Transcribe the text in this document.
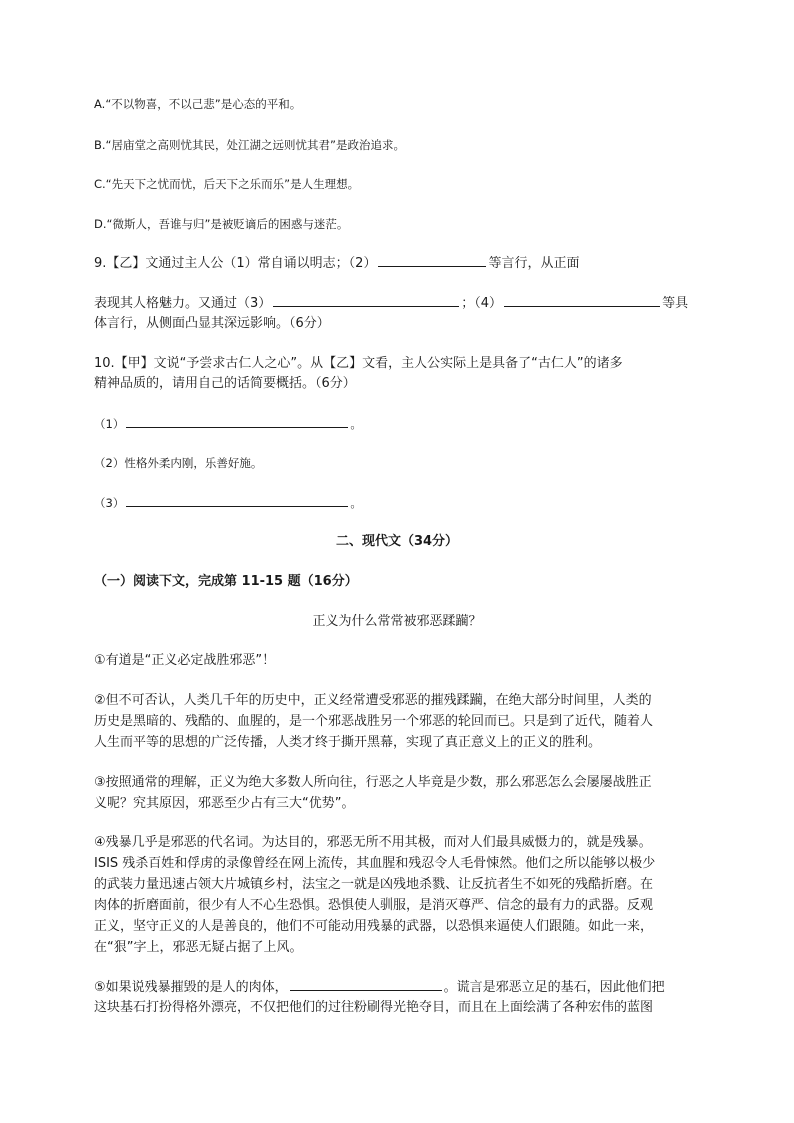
A.“不以物喜，不以己悲”是心态的平和。
B.“居庙堂之高则忧其民，处江湖之远则忧其君”是政治追求。
C.“先天下之忧而忧，后天下之乐而乐”是人生理想。
D.“微斯人，吾谁与归”是被贬谪后的困惑与迷茫。
9.【乙】文通过主人公（1）常自诵以明志；（2）	等言行，从正面
表现其人格魅力。又通过（3）	；（4）	等具
体言行，从侧面凸显其深远影响。（6分）
10.【甲】文说“予尝求古仁人之心”。从【乙】文看，主人公实际上是具备了“古仁人”的诸多
精神品质的，请用自己的话简要概括。（6分）
（1）	。
（2）性格外柔内刚，乐善好施。
（3）	。
二、现代文（34分）
（一）阅读下文，完成第 11-15 题（16分）
正义为什么常常被邪恶蹂躏？
①有道是“正义必定战胜邪恶”！
②但不可否认，人类几千年的历史中，正义经常遭受邪恶的摧残蹂躏，在绝大部分时间里，人类的
历史是黑暗的、残酷的、血腥的，是一个邪恶战胜另一个邪恶的轮回而已。只是到了近代，随着人
人生而平等的思想的广泛传播，人类才终于撕开黑幕，实现了真正意义上的正义的胜利。
③按照通常的理解，正义为绝大多数人所向往，行恶之人毕竟是少数，那么邪恶怎么会屡屡战胜正
义呢？究其原因，邪恶至少占有三大“优势”。
④残暴几乎是邪恶的代名词。为达目的，邪恶无所不用其极，而对人们最具威慑力的，就是残暴。
ISIS 残杀百姓和俘虏的录像曾经在网上流传，其血腥和残忍令人毛骨悚然。他们之所以能够以极少
的武装力量迅速占领大片城镇乡村，法宝之一就是凶残地杀戮、让反抗者生不如死的残酷折磨。在
肉体的折磨面前，很少有人不心生恐惧。恐惧使人驯服，是消灭尊严、信念的最有力的武器。反观
正义，坚守正义的人是善良的，他们不可能动用残暴的武器，以恐惧来逼使人们跟随。如此一来，
在“狠”字上，邪恶无疑占据了上风。
⑤如果说残暴摧毁的是人的肉体，	。谎言是邪恶立足的基石，因此他们把
这块基石打扮得格外漂亮，不仅把他们的过往粉刷得光艳夺目，而且在上面绘满了各种宏伟的蓝图
